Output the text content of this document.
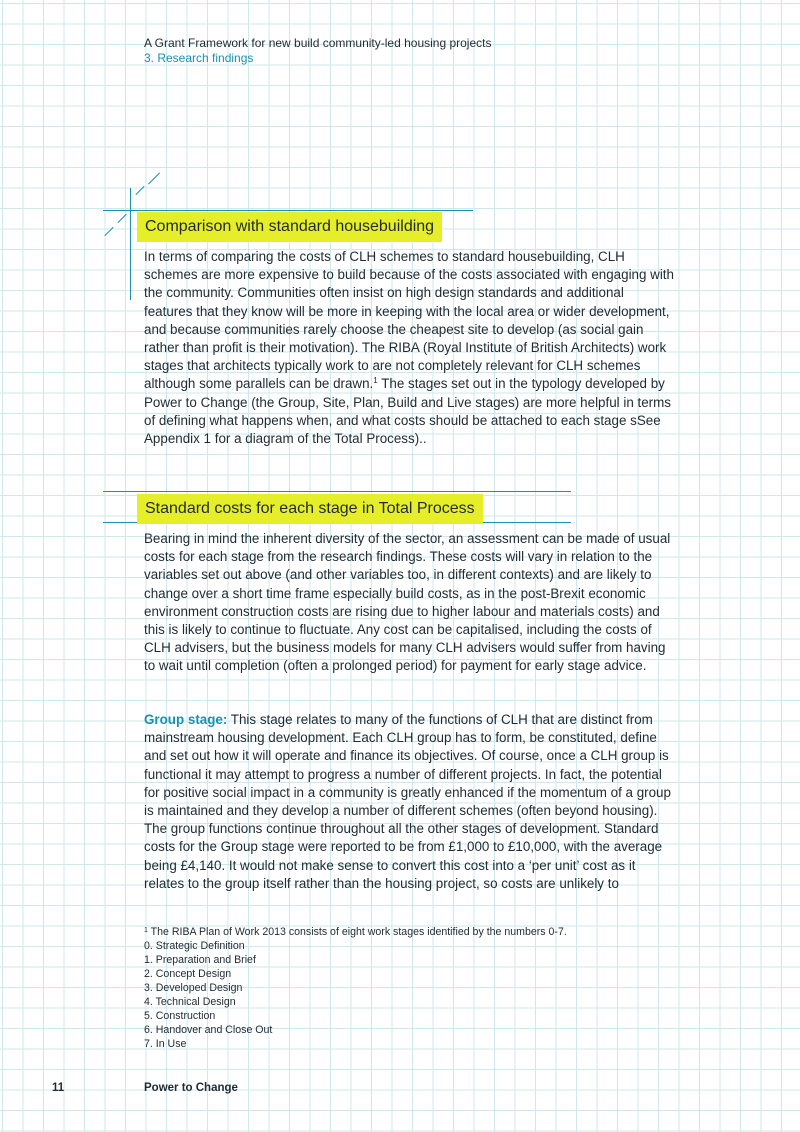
A Grant Framework for new build community-led housing projects
3. Research findings
Comparison with standard housebuilding

In terms of comparing the costs of CLH schemes to standard housebuilding, CLH schemes are more expensive to build because of the costs associated with engaging with the community. Communities often insist on high design standards and additional features that they know will be more in keeping with the local area or wider development, and because communities rarely choose the cheapest site to develop (as social gain rather than profit is their motivation). The RIBA (Royal Institute of British Architects) work stages that architects typically work to are not completely relevant for CLH schemes although some parallels can be drawn.$^1$ The stages set out in the typology developed by Power to Change (the Group, Site, Plan, Build and Live stages) are more helpful in terms of defining what happens when, and what costs should be attached to each stage sSee Appendix 1 for a diagram of the Total Process)..

Standard costs for each stage in Total Process

Bearing in mind the inherent diversity of the sector, an assessment can be made of usual costs for each stage from the research findings. These costs will vary in relation to the variables set out above (and other variables too, in different contexts) and are likely to change over a short time frame especially build costs, as in the post-Brexit economic environment construction costs are rising due to higher labour and materials costs) and this is likely to continue to fluctuate. Any cost can be capitalised, including the costs of CLH advisers, but the business models for many CLH advisers would suffer from having to wait until completion (often a prolonged period) for payment for early stage advice.

Group stage: This stage relates to many of the functions of CLH that are distinct from mainstream housing development. Each CLH group has to form, be constituted, define and set out how it will operate and finance its objectives. Of course, once a CLH group is functional it may attempt to progress a number of different projects. In fact, the potential for positive social impact in a community is greatly enhanced if the momentum of a group is maintained and they develop a number of different schemes (often beyond housing). The group functions continue throughout all the other stages of development. Standard costs for the Group stage were reported to be from £1,000 to £10,000, with the average being £4,140. It would not make sense to convert this cost into a ‘per unit’ cost as it relates to the group itself rather than the housing project, so costs are unlikely to

$^1$ The RIBA Plan of Work 2013 consists of eight work stages identified by the numbers 0-7.
0. Strategic Definition
1. Preparation and Brief
2. Concept Design
3. Developed Design
4. Technical Design
5. Construction
6. Handover and Close Out
7. In Use
11	Power to Change
